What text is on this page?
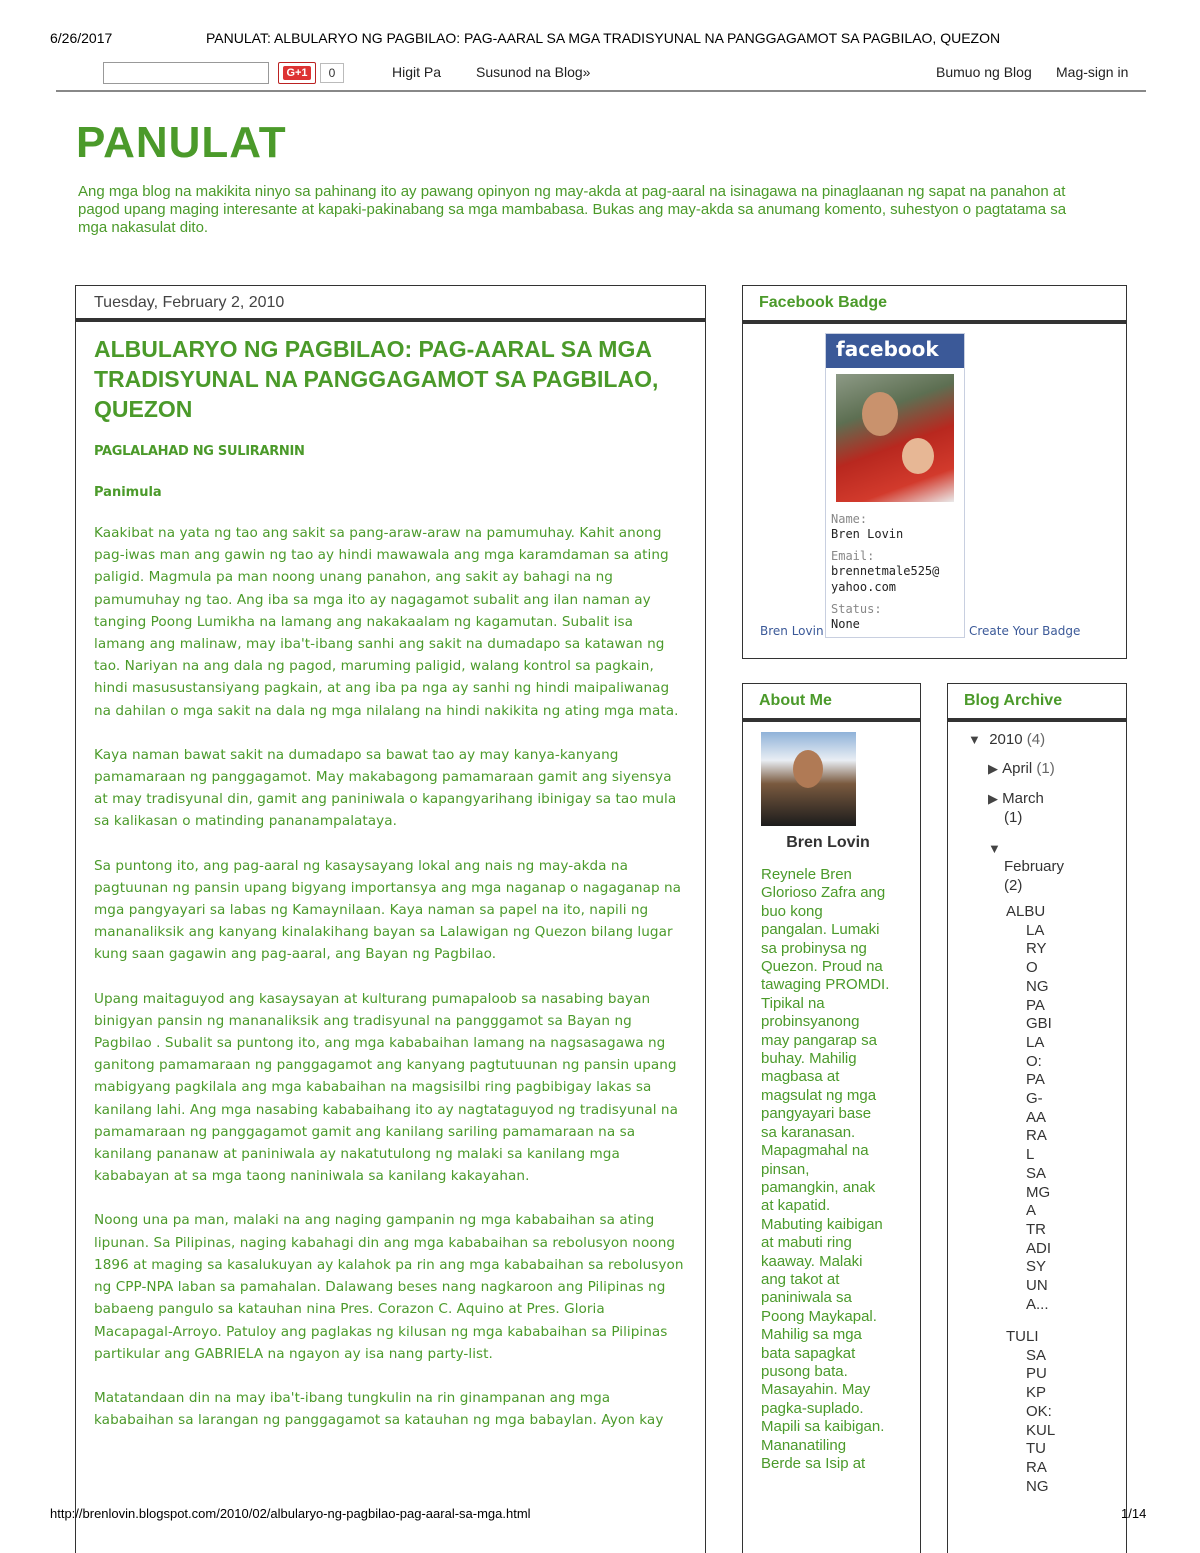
6/26/2017	PANULAT: ALBULARYO NG PAGBILAO: PAG-AARAL SA MGA TRADISYUNAL NA PANGGAGAMOT SA PAGBILAO, QUEZON
G+1	0	Higit Pa Susunod na Blog»	Bumuo ng Blog Mag-sign in
PANULAT
Ang mga blog na makikita ninyo sa pahinang ito ay pawang opinyon ng may-akda at pag-aaral na isinagawa na pinaglaanan ng sapat na panahon at pagod upang maging interesante at kapaki-pakinabang sa mga mambabasa. Bukas ang may-akda sa anumang komento, suhestyon o pagtatama sa mga nakasulat dito.
Tuesday, February 2, 2010
ALBULARYO NG PAGBILAO: PAG-AARAL SA MGA TRADISYUNAL NA PANGGAGAMOT SA PAGBILAO, QUEZON
PAGLALAHAD NG SULIRARNIN
Panimula

Kaakibat na yata ng tao ang sakit sa pang-araw-araw na pamumuhay. Kahit anong pag-iwas man ang gawin ng tao ay hindi mawawala ang mga karamdaman sa ating paligid. Magmula pa man noong unang panahon, ang sakit ay bahagi na ng pamumuhay ng tao. Ang iba sa mga ito ay nagagamot subalit ang ilan naman ay tanging Poong Lumikha na lamang ang nakakaalam ng kagamutan. Subalit isa lamang ang malinaw, may iba't-ibang sanhi ang sakit na dumadapo sa katawan ng tao. Nariyan na ang dala ng pagod, maruming paligid, walang kontrol sa pagkain, hindi masusustansiyang pagkain, at ang iba pa nga ay sanhi ng hindi maipaliwanag na dahilan o mga sakit na dala ng mga nilalang na hindi nakikita ng ating mga mata.

Kaya naman bawat sakit na dumadapo sa bawat tao ay may kanya-kanyang pamamaraan ng panggagamot. May makabagong pamamaraan gamit ang siyensya at may tradisyunal din, gamit ang paniniwala o kapangyarihang ibinigay sa tao mula sa kalikasan o matinding pananampalataya.

Sa puntong ito, ang pag-aaral ng kasaysayang lokal ang nais ng may-akda na pagtuunan ng pansin upang bigyang importansya ang mga naganap o nagaganap na mga pangyayari sa labas ng Kamaynilaan. Kaya naman sa papel na ito, napili ng mananaliksik ang kanyang kinalakihang bayan sa Lalawigan ng Quezon bilang lugar kung saan gagawin ang pag-aaral, ang Bayan ng Pagbilao.

Upang maitaguyod ang kasaysayan at kulturang pumapaloob sa nasabing bayan binigyan pansin ng mananaliksik ang tradisyunal na pangggamot sa Bayan ng Pagbilao . Subalit sa puntong ito, ang mga kababaihan lamang na nagsasagawa ng ganitong pamamaraan ng panggagamot ang kanyang pagtutuunan ng pansin upang mabigyang pagkilala ang mga kababaihan na magsisilbi ring pagbibigay lakas sa kanilang lahi. Ang mga nasabing kababaihang ito ay nagtataguyod ng tradisyunal na pamamaraan ng panggagamot gamit ang kanilang sariling pamamaraan na sa kanilang pananaw at paniniwala ay nakatutulong ng malaki sa kanilang mga kababayan at sa mga taong naniniwala sa kanilang kakayahan.

Noong una pa man, malaki na ang naging gampanin ng mga kababaihan sa ating lipunan. Sa Pilipinas, naging kabahagi din ang mga kababaihan sa rebolusyon noong 1896 at maging sa kasalukuyan ay kalahok pa rin ang mga kababaihan sa rebolusyon ng CPP-NPA laban sa pamahalan. Dalawang beses nang nagkaroon ang Pilipinas ng babaeng pangulo sa katauhan nina Pres. Corazon C. Aquino at Pres. Gloria Macapagal-Arroyo. Patuloy ang paglakas ng kilusan ng mga kababaihan sa Pilipinas partikular ang GABRIELA na ngayon ay isa nang party-list.

Matatandaan din na may iba't-ibang tungkulin na rin ginampanan ang mga kababaihan sa larangan ng panggagamot sa katauhan ng mga babaylan. Ayon kay

Facebook Badge
facebook
Name:
Bren Lovin
Email:
brennetmale525@
yahoo.com
Status:
None
Bren Lovin	Create Your Badge
About Me
Bren Lovin
Reynele Bren
Glorioso Zafra ang
buo kong
pangalan. Lumaki
sa probinysa ng
Quezon. Proud na
tawaging PROMDI.
Tipikal na
probinsyanong
may pangarap sa
buhay. Mahilig
magbasa at
magsulat ng mga
pangyayari base
sa karanasan.
Mapagmahal na
pinsan,
pamangkin, anak
at kapatid.
Mabuting kaibigan
at mabuti ring
kaaway. Malaki
ang takot at
paniniwala sa
Poong Maykapal.
Mahilig sa mga
bata sapagkat
pusong bata.
Masayahin. May
pagka-suplado.
Mapili sa kaibigan.
Mananatiling
Berde sa Isip at
Blog Archive
▼ 2010 (4)
▶ April (1)
▶ March
(1)
▼
February
(2)
ALBU
LA
RY
O
NG
PA
GBI
LA
O:
PA
G-
AA
RA
L
SA
MG
A
TR
ADI
SY
UN
A...
TULI
SA
PU
KP
OK:
KUL
TU
RA
NG
http://brenlovin.blogspot.com/2010/02/albularyo-ng-pagbilao-pag-aaral-sa-mga.html	1/14
